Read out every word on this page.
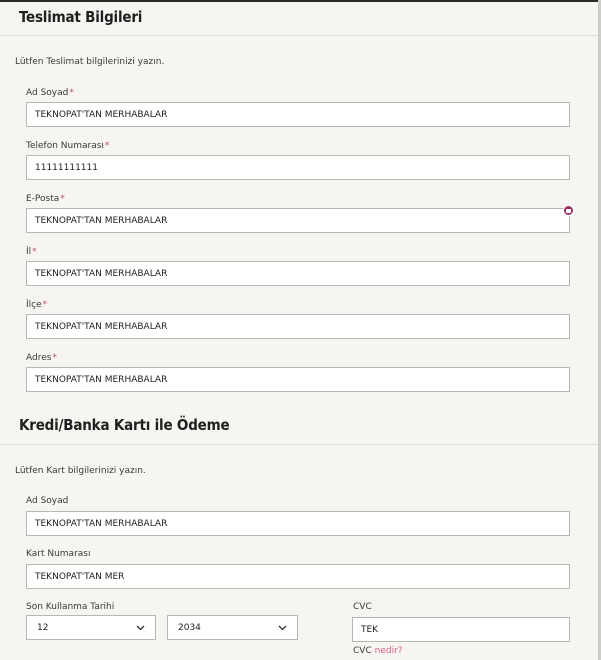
Teslimat Bilgileri
Lütfen Teslimat bilgilerinizi yazın.
Ad Soyad*
TEKNOPAT'TAN MERHABALAR
Telefon Numarası*
11111111111
E-Posta*
TEKNOPAT'TAN MERHABALAR
İl*
TEKNOPAT'TAN MERHABALAR
İlçe*
TEKNOPAT'TAN MERHABALAR
Adres*
TEKNOPAT'TAN MERHABALAR
Kredi/Banka Kartı ile Ödeme
Lütfen Kart bilgilerinizi yazın.
Ad Soyad
TEKNOPAT'TAN MERHABALAR
Kart Numarası
TEKNOPAT'TAN MER
Son Kullanma Tarihi
12	2034
CVC
TEK
CVC nedir?
